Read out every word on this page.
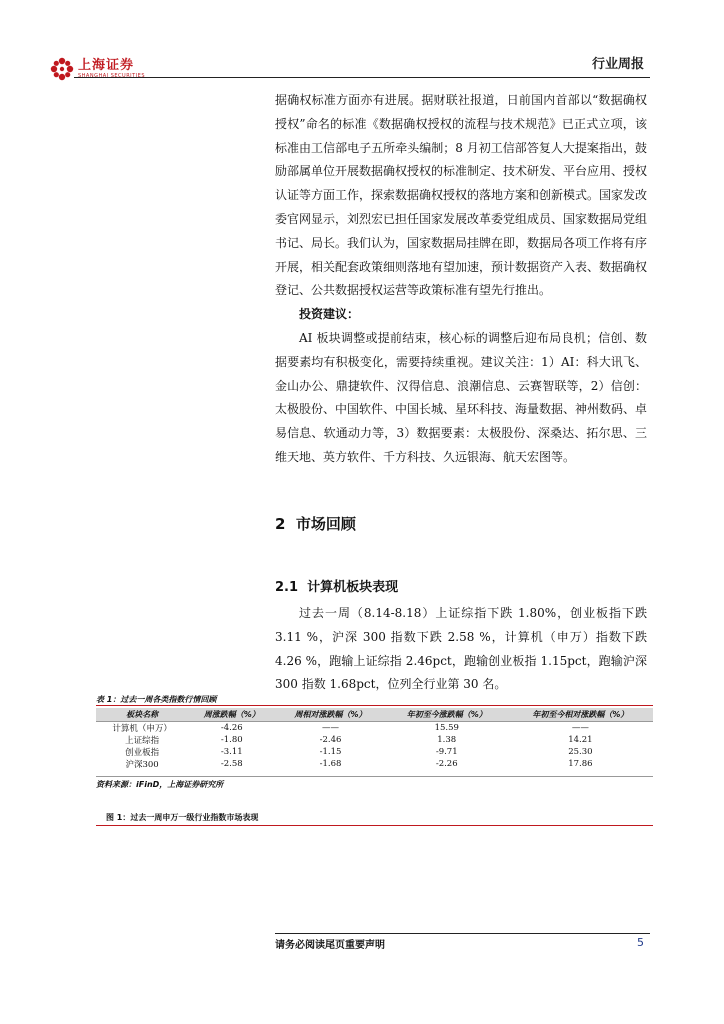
上海证券
SHANGHAI SECURITIES
行业周报

据确权标准方面亦有进展。据财联社报道，日前国内首部以“数据确权授权”命名的标准《数据确权授权的流程与技术规范》已正式立项，该标准由工信部电子五所牵头编制；8 月初工信部答复人大提案指出，鼓励部属单位开展数据确权授权的标准制定、技术研发、平台应用、授权认证等方面工作，探索数据确权授权的落地方案和创新模式。国家发改委官网显示，刘烈宏已担任国家发展改革委党组成员、国家数据局党组书记、局长。我们认为，国家数据局挂牌在即，数据局各项工作将有序开展，相关配套政策细则落地有望加速，预计数据资产入表、数据确权登记、公共数据授权运营等政策标准有望先行推出。

投资建议：

AI 板块调整或提前结束，核心标的调整后迎布局良机；信创、数据要素均有积极变化，需要持续重视。建议关注：1）AI：科大讯飞、金山办公、鼎捷软件、汉得信息、浪潮信息、云赛智联等，2）信创：太极股份、中国软件、中国长城、星环科技、海量数据、神州数码、卓易信息、软通动力等，3）数据要素：太极股份、深桑达、拓尔思、三维天地、英方软件、千方科技、久远银海、航天宏图等。

2 市场回顾
2.1 计算机板块表现

过去一周（8.14-8.18）上证综指下跌 1.80%，创业板指下跌 3.11 %，沪深 300 指数下跌 2.58 %，计算机（申万）指数下跌 4.26 %，跑输上证综指 2.46pct，跑输创业板指 1.15pct，跑输沪深 300 指数 1.68pct，位列全行业第 30 名。

表 1：过去一周各类指数行情回顾
板块名称	周涨跌幅（%）	周相对涨跌幅（%）	年初至今涨跌幅（%）	年初至今相对涨跌幅（%）
计算机（申万）	-4.26	——	15.59	——
上证综指	-1.80	-2.46	1.38	14.21
创业板指	-3.11	-1.15	-9.71	25.30
沪深300	-2.58	-1.68	-2.26	17.86
资料来源：iFinD，上海证券研究所
图 1：过去一周申万一级行业指数市场表现
请务必阅读尾页重要声明	5
